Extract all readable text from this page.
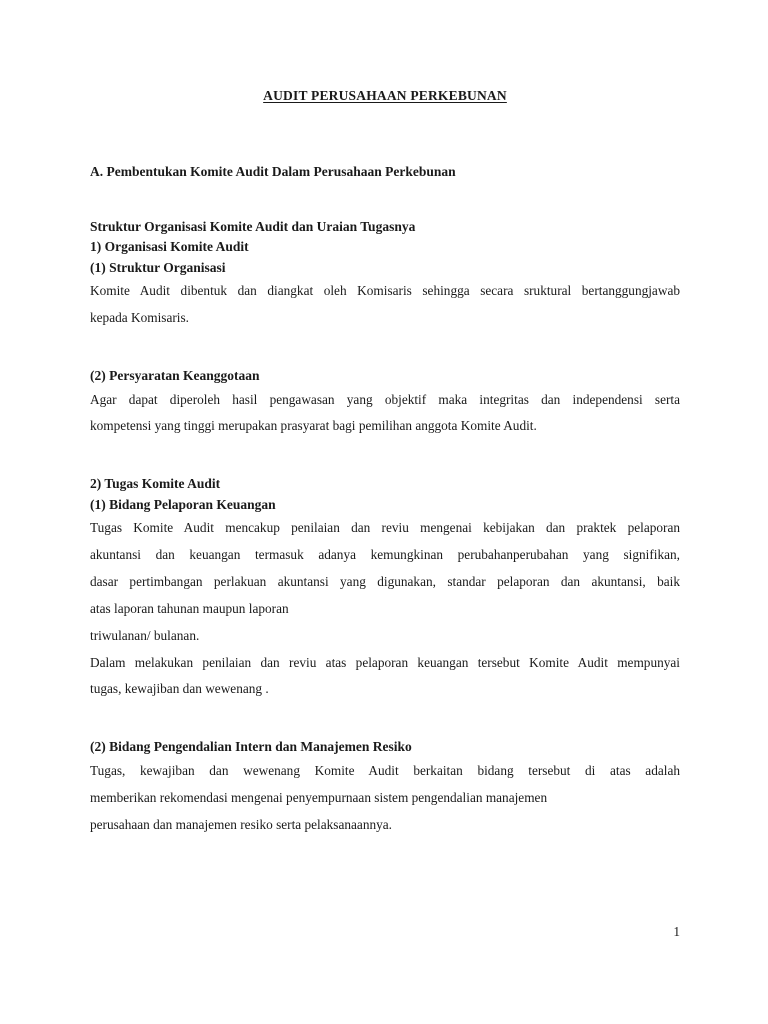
AUDIT PERUSAHAAN PERKEBUNAN

A. Pembentukan Komite Audit Dalam Perusahaan Perkebunan

Struktur Organisasi Komite Audit dan Uraian Tugasnya

1) Organisasi Komite Audit

(1) Struktur Organisasi

Komite Audit dibentuk dan diangkat oleh Komisaris sehingga secara sruktural bertanggungjawab
kepada Komisaris.

(2) Persyaratan Keanggotaan

Agar dapat diperoleh hasil pengawasan yang objektif maka integritas dan independensi serta
kompetensi yang tinggi merupakan prasyarat bagi pemilihan anggota Komite Audit.

2) Tugas Komite Audit

(1) Bidang Pelaporan Keuangan

Tugas Komite Audit mencakup penilaian dan reviu mengenai kebijakan dan praktek pelaporan
akuntansi dan keuangan termasuk adanya kemungkinan perubahanperubahan yang signifikan,
dasar pertimbangan perlakuan akuntansi yang digunakan, standar pelaporan dan akuntansi, baik
atas laporan tahunan maupun laporan
triwulanan/ bulanan.
Dalam melakukan penilaian dan reviu atas pelaporan keuangan tersebut Komite Audit mempunyai
tugas, kewajiban dan wewenang .

(2) Bidang Pengendalian Intern dan Manajemen Resiko

Tugas, kewajiban dan wewenang Komite Audit berkaitan bidang tersebut di atas adalah
memberikan rekomendasi mengenai penyempurnaan sistem pengendalian manajemen
perusahaan dan manajemen resiko serta pelaksanaannya.
1
